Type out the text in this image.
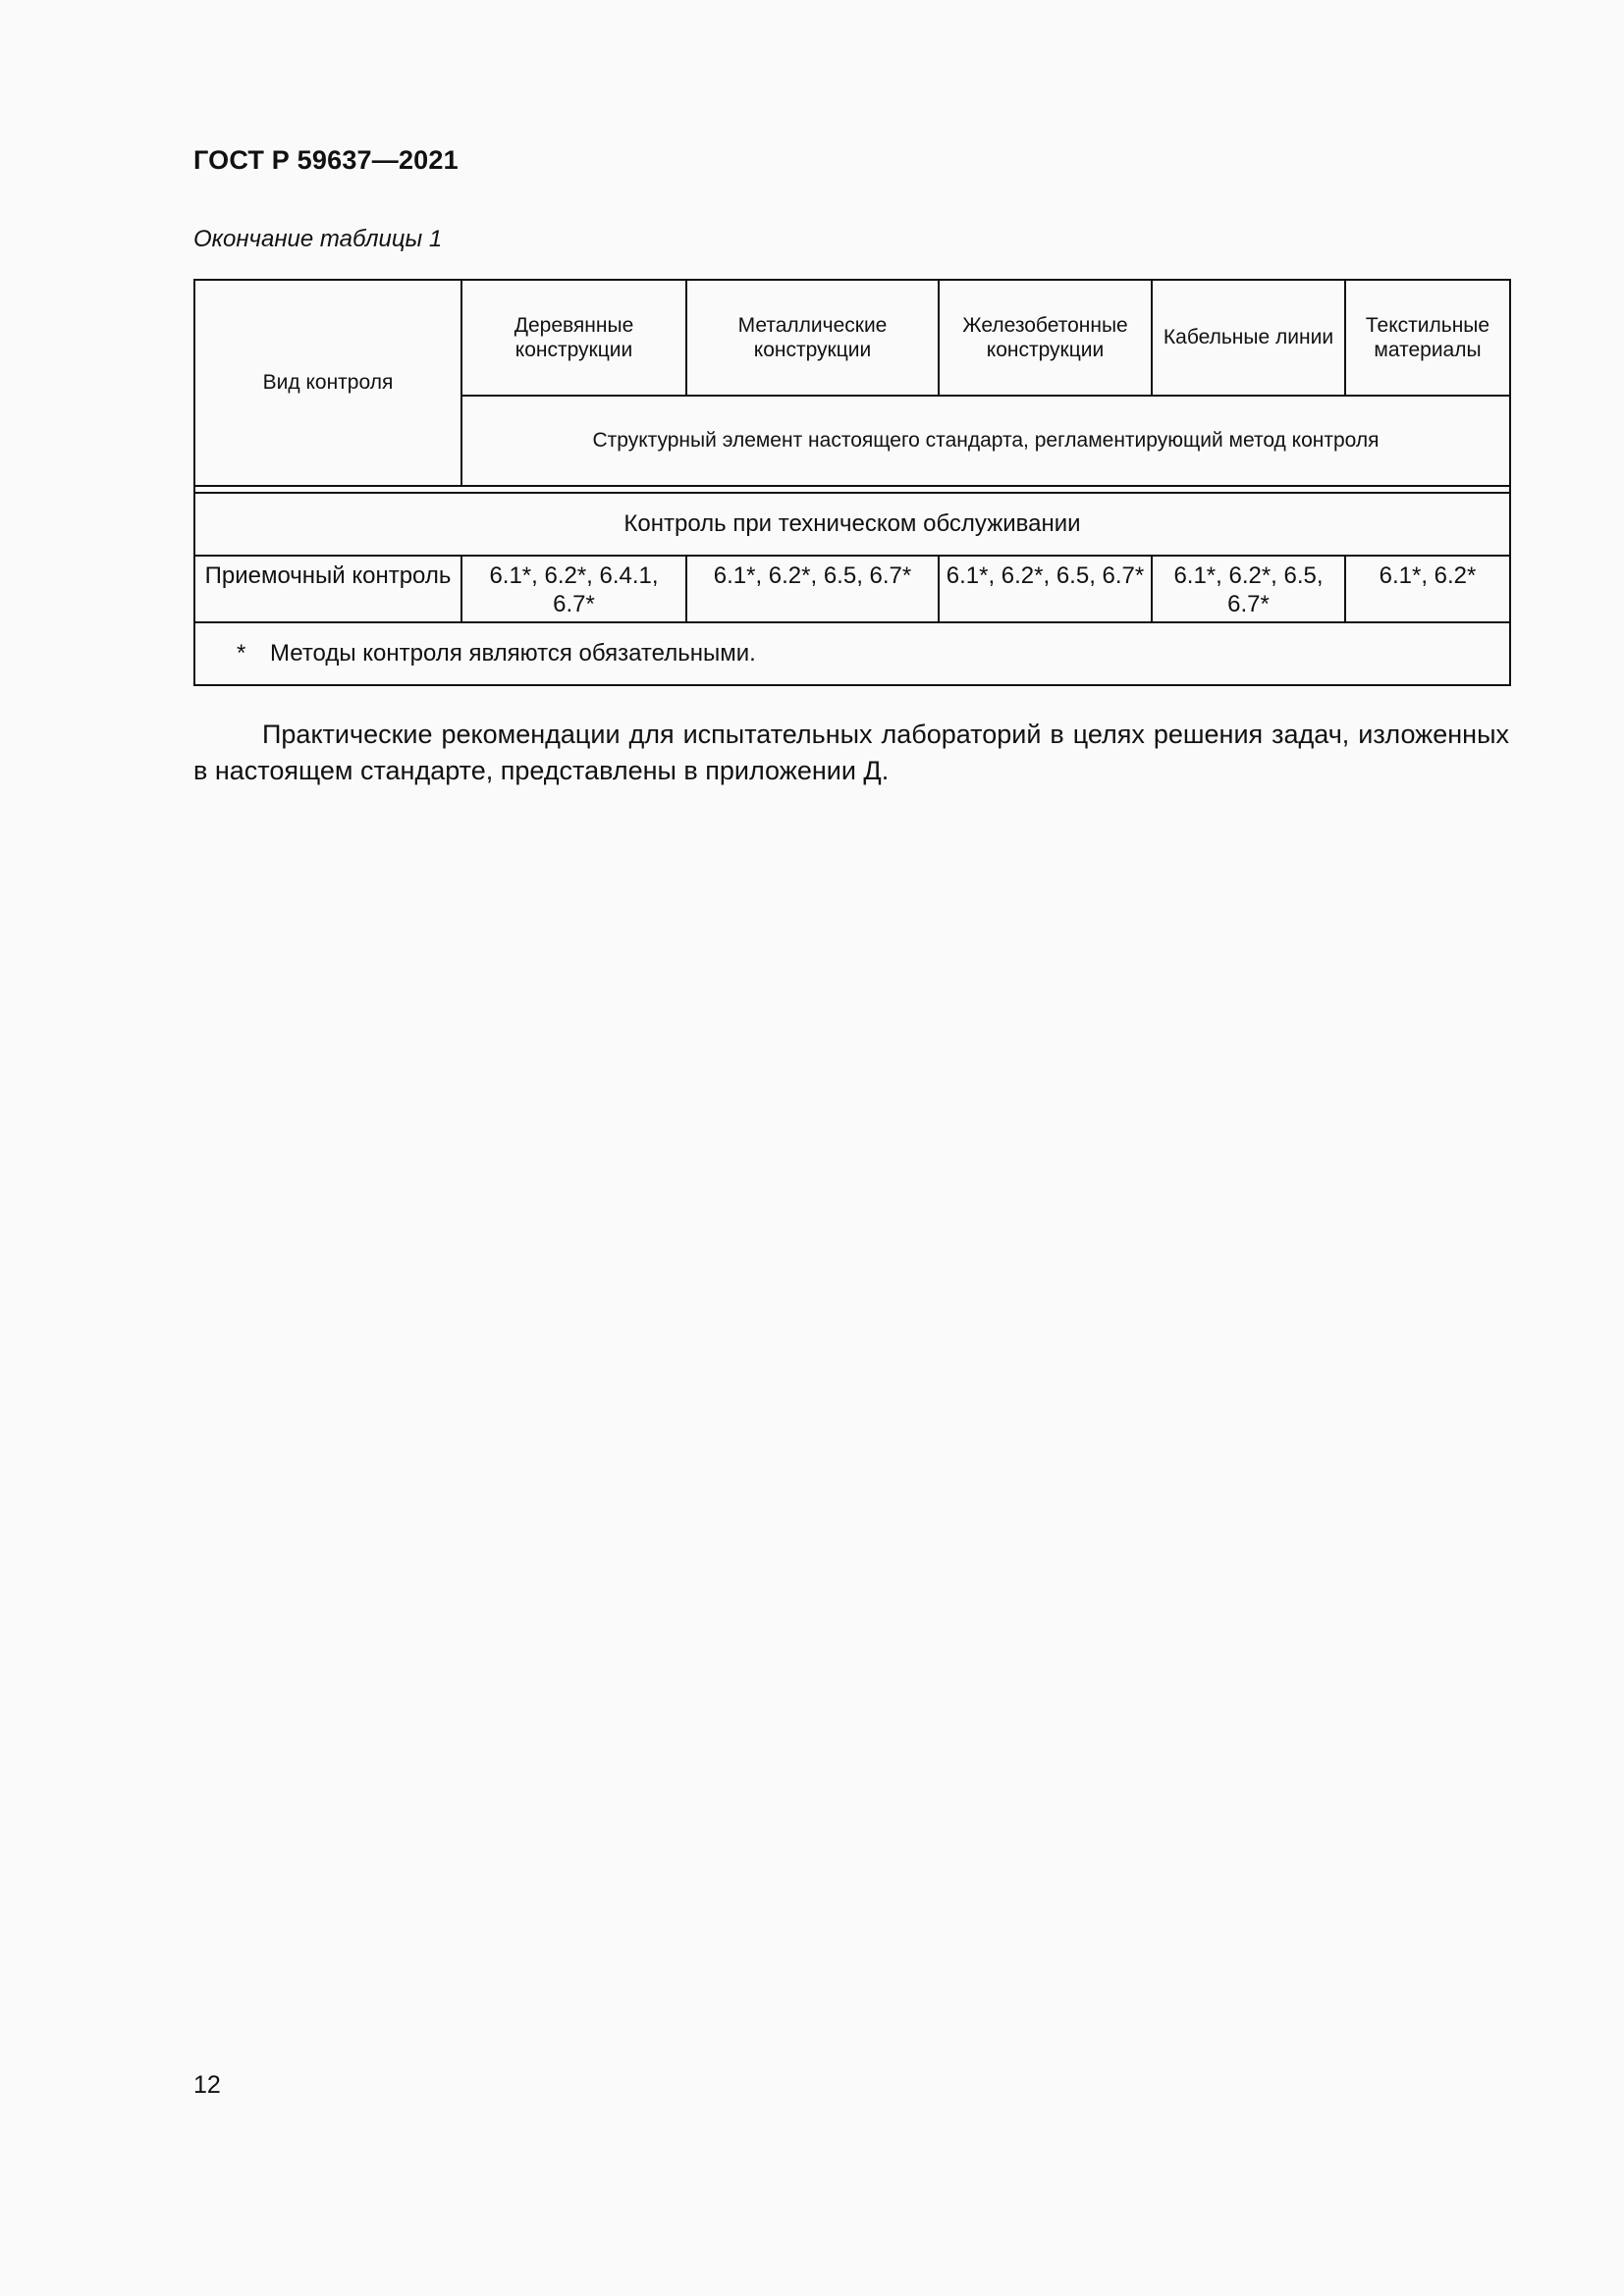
ГОСТ Р 59637—2021
Окончание таблицы 1
Вид контроля	Деревянные конструкции	Металлические конструкции	Железобетонные конструкции	Кабельные линии	Текстильные материалы
	Структурный элемент настоящего стандарта, регламентирующий метод контроля				

Контроль при техническом обслуживании					
Приемочный контроль	6.1*, 6.2*, 6.4.1, 6.7*	6.1*, 6.2*, 6.5, 6.7*	6.1*, 6.2*, 6.5, 6.7*	6.1*, 6.2*, 6.5, 6.7*	6.1*, 6.2*
* Методы контроля являются обязательными.					
Практические рекомендации для испытательных лабораторий в целях решения задач, изложенных в настоящем стандарте, представлены в приложении Д.
12
